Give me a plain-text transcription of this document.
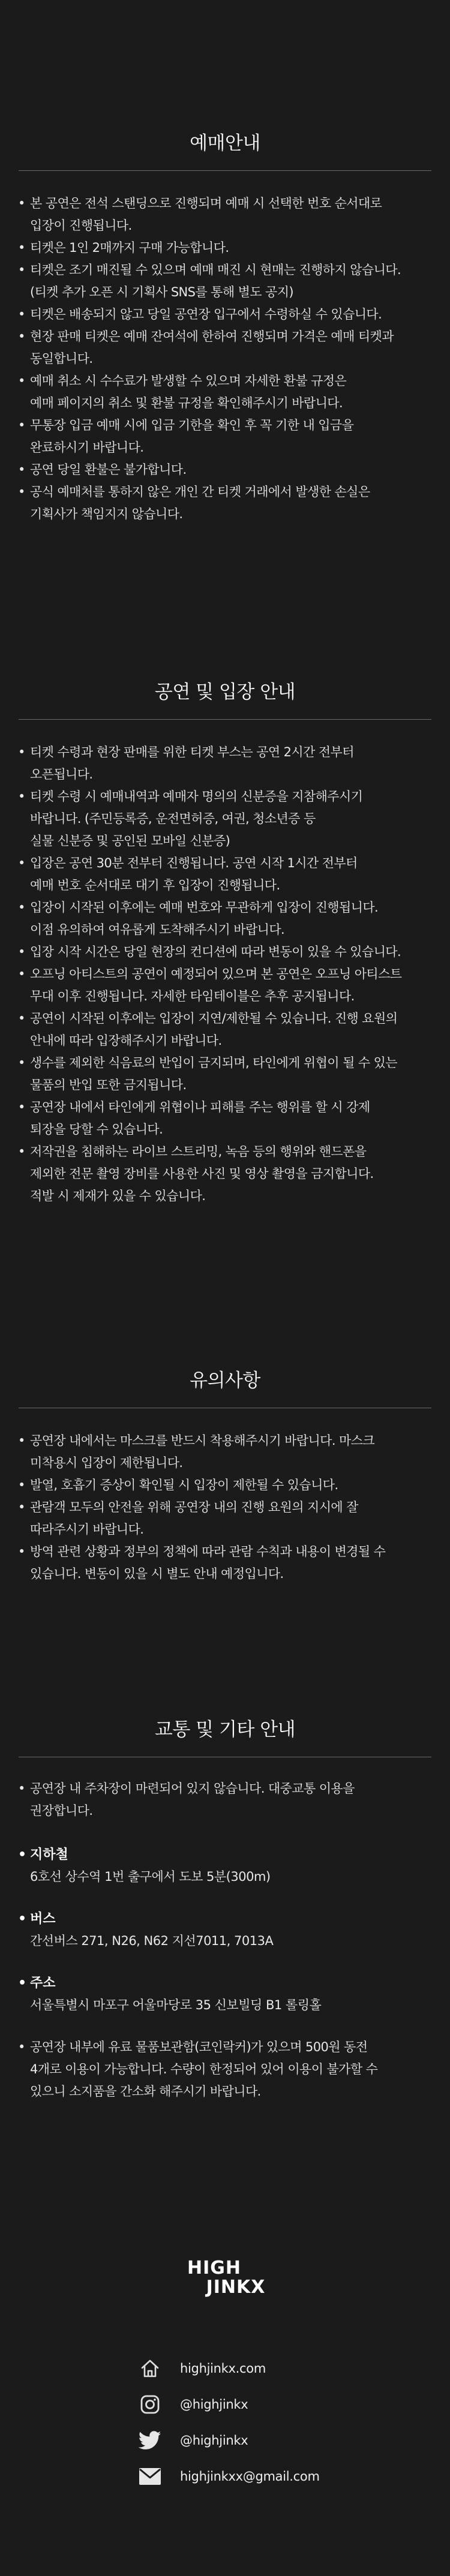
예매안내
• 본 공연은 전석 스탠딩으로 진행되며 예매 시 선택한 번호 순서대로
입장이 진행됩니다.
• 티켓은 1인 2매까지 구매 가능합니다.
• 티켓은 조기 매진될 수 있으며 예매 매진 시 현매는 진행하지 않습니다.
(티켓 추가 오픈 시 기획사 SNS를 통해 별도 공지)
• 티켓은 배송되지 않고 당일 공연장 입구에서 수령하실 수 있습니다.
• 현장 판매 티켓은 예매 잔여석에 한하여 진행되며 가격은 예매 티켓과
동일합니다.
• 예매 취소 시 수수료가 발생할 수 있으며 자세한 환불 규정은
예매 페이지의 취소 및 환불 규정을 확인해주시기 바랍니다.
• 무통장 입금 예매 시에 입금 기한을 확인 후 꼭 기한 내 입금을
완료하시기 바랍니다.
• 공연 당일 환불은 불가합니다.
• 공식 예매처를 통하지 않은 개인 간 티켓 거래에서 발생한 손실은
기획사가 책임지지 않습니다.
공연 및 입장 안내
• 티켓 수령과 현장 판매를 위한 티켓 부스는 공연 2시간 전부터
오픈됩니다.
• 티켓 수령 시 예매내역과 예매자 명의의 신분증을 지참해주시기
바랍니다. (주민등록증, 운전면허증, 여권, 청소년증 등
실물 신분증 및 공인된 모바일 신분증)
• 입장은 공연 30분 전부터 진행됩니다. 공연 시작 1시간 전부터
예매 번호 순서대로 대기 후 입장이 진행됩니다.
• 입장이 시작된 이후에는 예매 번호와 무관하게 입장이 진행됩니다.
이점 유의하여 여유롭게 도착해주시기 바랍니다.
• 입장 시작 시간은 당일 현장의 컨디션에 따라 변동이 있을 수 있습니다.
• 오프닝 아티스트의 공연이 예정되어 있으며 본 공연은 오프닝 아티스트
무대 이후 진행됩니다. 자세한 타임테이블은 추후 공지됩니다.
• 공연이 시작된 이후에는 입장이 지연/제한될 수 있습니다. 진행 요원의
안내에 따라 입장해주시기 바랍니다.
• 생수를 제외한 식음료의 반입이 금지되며, 타인에게 위협이 될 수 있는
물품의 반입 또한 금지됩니다.
• 공연장 내에서 타인에게 위협이나 피해를 주는 행위를 할 시 강제
퇴장을 당할 수 있습니다.
• 저작권을 침해하는 라이브 스트리밍, 녹음 등의 행위와 핸드폰을
제외한 전문 촬영 장비를 사용한 사진 및 영상 촬영을 금지합니다.
적발 시 제재가 있을 수 있습니다.
유의사항
• 공연장 내에서는 마스크를 반드시 착용해주시기 바랍니다. 마스크
미착용시 입장이 제한됩니다.
• 발열, 호흡기 증상이 확인될 시 입장이 제한될 수 있습니다.
• 관람객 모두의 안전을 위해 공연장 내의 진행 요원의 지시에 잘
따라주시기 바랍니다.
• 방역 관련 상황과 정부의 정책에 따라 관람 수칙과 내용이 변경될 수
있습니다. 변동이 있을 시 별도 안내 예정입니다.
교통 및 기타 안내
• 공연장 내 주차장이 마련되어 있지 않습니다. 대중교통 이용을
권장합니다.
• 지하철
6호선 상수역 1번 출구에서 도보 5분(300m)
• 버스
간선버스 271, N26, N62 지선7011, 7013A
• 주소
서울특별시 마포구 어울마당로 35 신보빌딩 B1 롤링홀
• 공연장 내부에 유료 물품보관함(코인락커)가 있으며 500원 동전
4개로 이용이 가능합니다. 수량이 한정되어 있어 이용이 불가할 수
있으니 소지품을 간소화 해주시기 바랍니다.
HIGH
JINKX
highjinkx.com
@highjinkx
@highjinkx
highjinkxx@gmail.com
